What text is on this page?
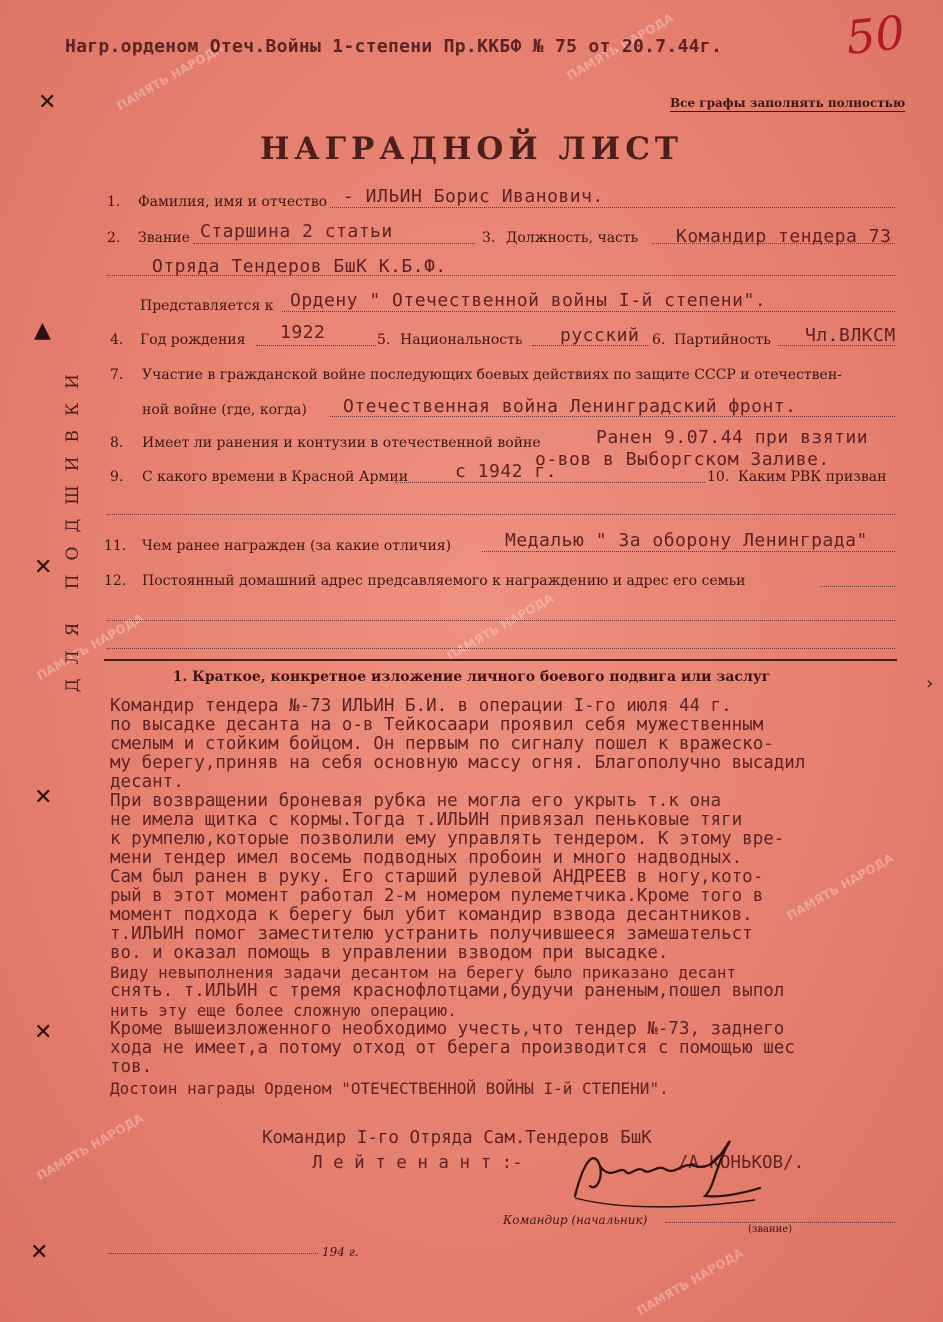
ПАМЯТЬ НАРОДА	ПАМЯТЬ НАРОДА
ПАМЯТЬ НАРОДА	ПАМЯТЬ НАРОДА
ПАМЯТЬ НАРОДА
ПАМЯТЬ НАРОДА
ПАМЯТЬ НАРОДА
Нагр.орденом Отеч.Войны 1-степени Пр.ККБФ № 75 от 20.7.44г.	50
Все графы заполнять полностью
НАГРАДНОЙ ЛИСТ
ДЛЯ ПОДШИВКИ
✕
▲
✕
✕
✕
✕
›
1. Фамилия, имя и отчество - ИЛЬИН Борис Иванович.
2. Звание Старшина 2 статьи	3. Должность, часть Командир тендера 73
Отряда Тендеров БшК К.Б.Ф.
Представляется к Ордену " Отечественной войны I-й степени".
4. Год рождения 1922	5. Национальность русский 6. Партийность Чл.ВЛКСМ
7. Участие в гражданской войне последующих боевых действиях по защите СССР и отечествен-
ной войне (где, когда) Отечественная война Ленинградский фронт.
8. Имеет ли ранения и контузии в отечественной войне	Ранен 9.07.44 при взятии
о-вов в Выборгском Заливе.
9. С какого времени в Красной Армии	с 1942 г.	10. Каким РВК призван
11. Чем ранее награжден (за какие отличия)	Медалью " За оборону Ленинграда"
12. Постоянный домашний адрес предсавляемого к награждению и адрес его семьи
1. Краткое, конкретное изложение личного боевого подвига или заслуг
Командир тендера №-73 ИЛЬИН Б.И. в операции I-го июля 44 г.
по высадке десанта на о-в Тейкосаари проявил себя мужественным
смелым и стойким бойцом. Он первым по сигналу пошел к вражеско-
му берегу,приняв на себя основную массу огня. Благополучно высадил
десант.
При возвращении броневая рубка не могла его укрыть т.к она
не имела щитка с кормы.Тогда т.ИЛЬИН привязал пеньковые тяги
к румпелю,которые позволили ему управлять тендером. К этому вре-
мени тендер имел восемь подводных пробоин и много надводных.
Сам был ранен в руку. Его старший рулевой АНДРЕЕВ в ногу,кото-
рый в этот момент работал 2-м номером пулеметчика.Кроме того в
момент подхода к берегу был убит командир взвода десантников.
т.ИЛЬИН помог заместителю устранить получившееся замешательст
во. и оказал помощь в управлении взводом при высадке.
Виду невыполнения задачи десантом на берегу было приказано десант
снять. т.ИЛЬИН с тремя краснофлотцами,будучи раненым,пошел выпол
нить эту еще более сложную операцию.
Кроме вышеизложенного необходимо учесть,что тендер №-73, заднего
хода не имеет,а потому отход от берега производится с помощью шес
тов.
Достоин награды Орденом "ОТЕЧЕСТВЕННОЙ ВОЙНЫ I-й СТЕПЕНИ".
Командир I-го Отряда Сам.Тендеров БшК
Л е й т е н а н т :-	/А.КОНЬКОВ/.
Командир (начальник)
(звание)
194 г.
